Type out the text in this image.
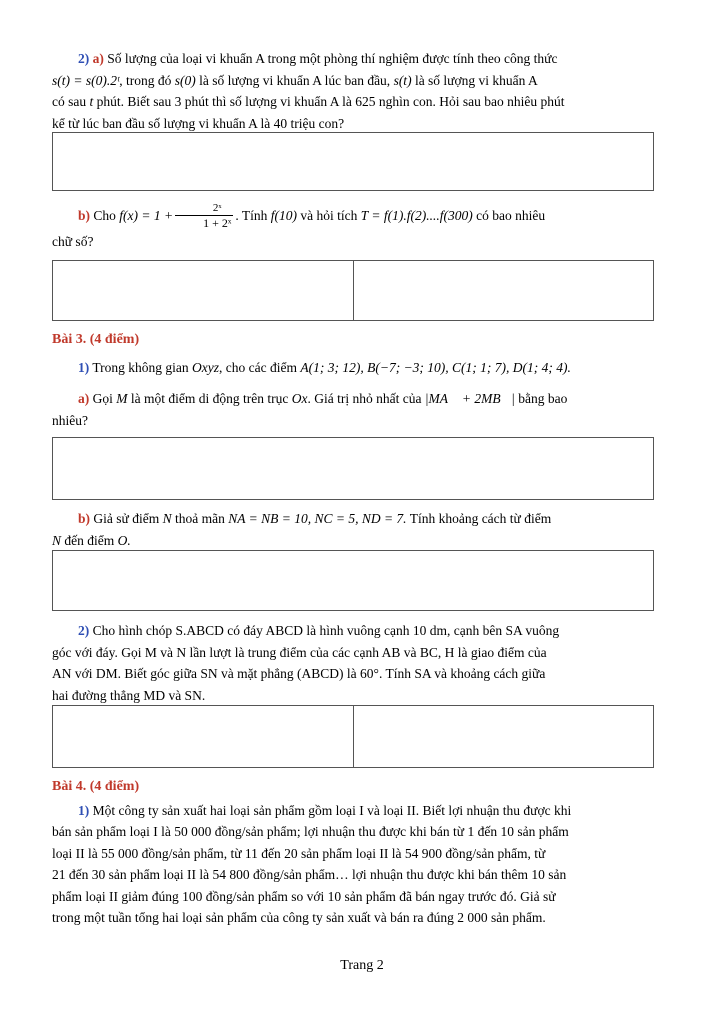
2) a) Số lượng của loại vi khuẩn A trong một phòng thí nghiệm được tính theo công thức
s(t) = s(0).2ᵗ, trong đó s(0) là số lượng vi khuẩn A lúc ban đầu, s(t) là số lượng vi khuẩn A
có sau t phút. Biết sau 3 phút thì số lượng vi khuẩn A là 625 nghìn con. Hỏi sau bao nhiêu phút
kể từ lúc ban đầu số lượng vi khuẩn A là 40 triệu con?
b) Cho $f(x) = 1 + \frac{\text{2ˣ}}{\text{1 + 2ˣ}}$ . Tính f(10) và hỏi tích T = f(1).f(2)....f(300) có bao nhiêu
chữ số?
Bài 3. (4 điểm)
1) Trong không gian Oxyz, cho các điểm A(1; 3; 12), B(−7; −3; 10), C(1; 1; 7), D(1; 4; 4).
a) Gọi M là một điểm di động trên trục Ox. Giá trị nhỏ nhất của |MA⃗ + 2MB⃗| bằng bao
nhiêu?
b) Giả sử điểm N thoả mãn NA = NB = 10, NC = 5, ND = 7. Tính khoảng cách từ điểm
N đến điểm O.
2) Cho hình chóp S.ABCD có đáy ABCD là hình vuông cạnh 10 dm, cạnh bên SA vuông
góc với đáy. Gọi M và N lần lượt là trung điểm của các cạnh AB và BC, H là giao điểm của
AN với DM. Biết góc giữa SN và mặt phẳng (ABCD) là 60°. Tính SA và khoảng cách giữa
hai đường thẳng MD và SN.
Bài 4. (4 điểm)
1) Một công ty sản xuất hai loại sản phẩm gồm loại I và loại II. Biết lợi nhuận thu được khi
bán sản phẩm loại I là 50 000 đồng/sản phẩm; lợi nhuận thu được khi bán từ 1 đến 10 sản phẩm
loại II là 55 000 đồng/sản phẩm, từ 11 đến 20 sản phẩm loại II là 54 900 đồng/sản phẩm, từ
21 đến 30 sản phẩm loại II là 54 800 đồng/sản phẩm… lợi nhuận thu được khi bán thêm 10 sản
phẩm loại II giảm đúng 100 đồng/sản phẩm so với 10 sản phẩm đã bán ngay trước đó. Giả sử
trong một tuần tổng hai loại sản phẩm của công ty sản xuất và bán ra đúng 2 000 sản phẩm.
Trang 2
